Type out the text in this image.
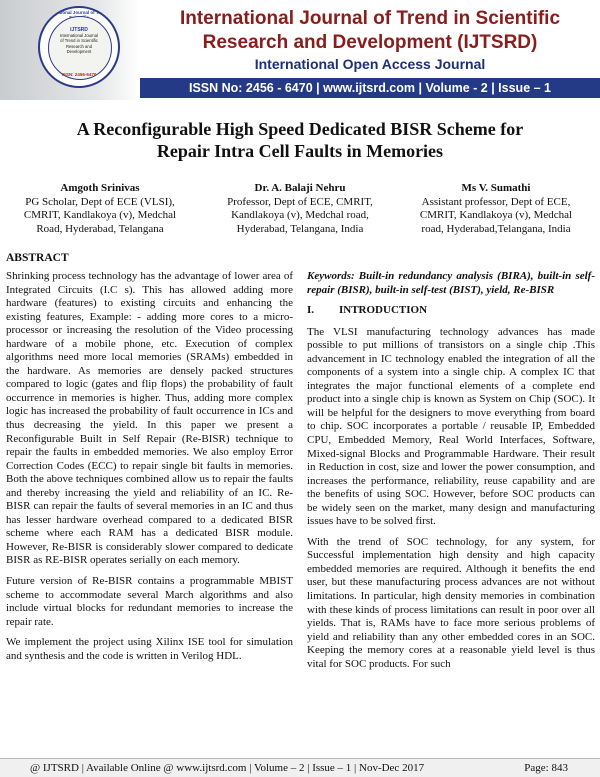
International Journal of Trend in
IJTSRD
International Journal
of Trend in Scientific
Research and
Development
ISSN: 2456-6470
International Journal of Trend in Scientific
Research and Development (IJTSRD)
International Open Access Journal
ISSN No: 2456 - 6470 | www.ijtsrd.com | Volume - 2 | Issue – 1
A Reconfigurable High Speed Dedicated BISR Scheme for
Repair Intra Cell Faults in Memories
Amgoth Srinivas
PG Scholar, Dept of ECE (VLSI),
CMRIT, Kandlakoya (v), Medchal
Road, Hyderabad, Telangana
Dr. A. Balaji Nehru
Professor, Dept of ECE, CMRIT,
Kandlakoya (v), Medchal road,
Hyderabad, Telangana, India
Ms V. Sumathi
Assistant professor, Dept of ECE,
CMRIT, Kandlakoya (v), Medchal
road, Hyderabad,Telangana, India
ABSTRACT

Shrinking process technology has the advantage of lower area of Integrated Circuits (I.C s). This has allowed adding more hardware (features) to existing circuits and enhancing the existing features, Example: - adding more cores to a micro-processor or increasing the resolution of the Video processing hardware of a mobile phone, etc. Execution of complex algorithms need more local memories (SRAMs) embedded in the hardware. As memories are densely packed structures compared to logic (gates and flip flops) the probability of fault occurrence in memories is higher. Thus, adding more complex logic has increased the probability of fault occurrence in ICs and thus decreasing the yield. In this paper we present a Reconfigurable Built in Self Repair (Re-BISR) technique to repair the faults in embedded memories. We also employ Error Correction Codes (ECC) to repair single bit faults in memories. Both the above techniques combined allow us to repair the faults and thereby increasing the yield and reliability of an IC. Re-BISR can repair the faults of several memories in an IC and thus has lesser hardware overhead compared to a dedicated BISR scheme where each RAM has a dedicated BISR module. However, Re-BISR is considerably slower compared to dedicate BISR as RE-BISR operates serially on each memory.

Future version of Re-BISR contains a programmable MBIST scheme to accommodate several March algorithms and also include virtual blocks for redundant memories to increase the repair rate.

We implement the project using Xilinx ISE tool for simulation and synthesis and the code is written in Verilog HDL.

Keywords: Built-in redundancy analysis (BIRA), built-in self-repair (BISR), built-in self-test (BIST), yield, Re-BISR

I. INTRODUCTION

The VLSI manufacturing technology advances has made possible to put millions of transistors on a single chip .This advancement in IC technology enabled the integration of all the components of a system into a single chip. A complex IC that integrates the major functional elements of a complete end product into a single chip is known as System on Chip (SOC). It will be helpful for the designers to move everything from board to chip. SOC incorporates a portable / reusable IP, Embedded CPU, Embedded Memory, Real World Interfaces, Software, Mixed-signal Blocks and Programmable Hardware. Their result in Reduction in cost, size and lower the power consumption, and increases the performance, reliability, reuse capability and are the benefits of using SOC. However, before SOC products can be widely seen on the market, many design and manufacturing issues have to be solved first.

With the trend of SOC technology, for any system, for Successful implementation high density and high capacity embedded memories are required. Although it benefits the end user, but these manufacturing process advances are not without limitations. In particular, high density memories in combination with these kinds of process limitations can result in poor over all yields. That is, RAMs have to face more serious problems of yield and reliability than any other embedded cores in an SOC. Keeping the memory cores at a reasonable yield level is thus vital for SOC products. For such

@ IJTSRD | Available Online @ www.ijtsrd.com | Volume – 2 | Issue – 1 | Nov-Dec 2017	Page: 843
